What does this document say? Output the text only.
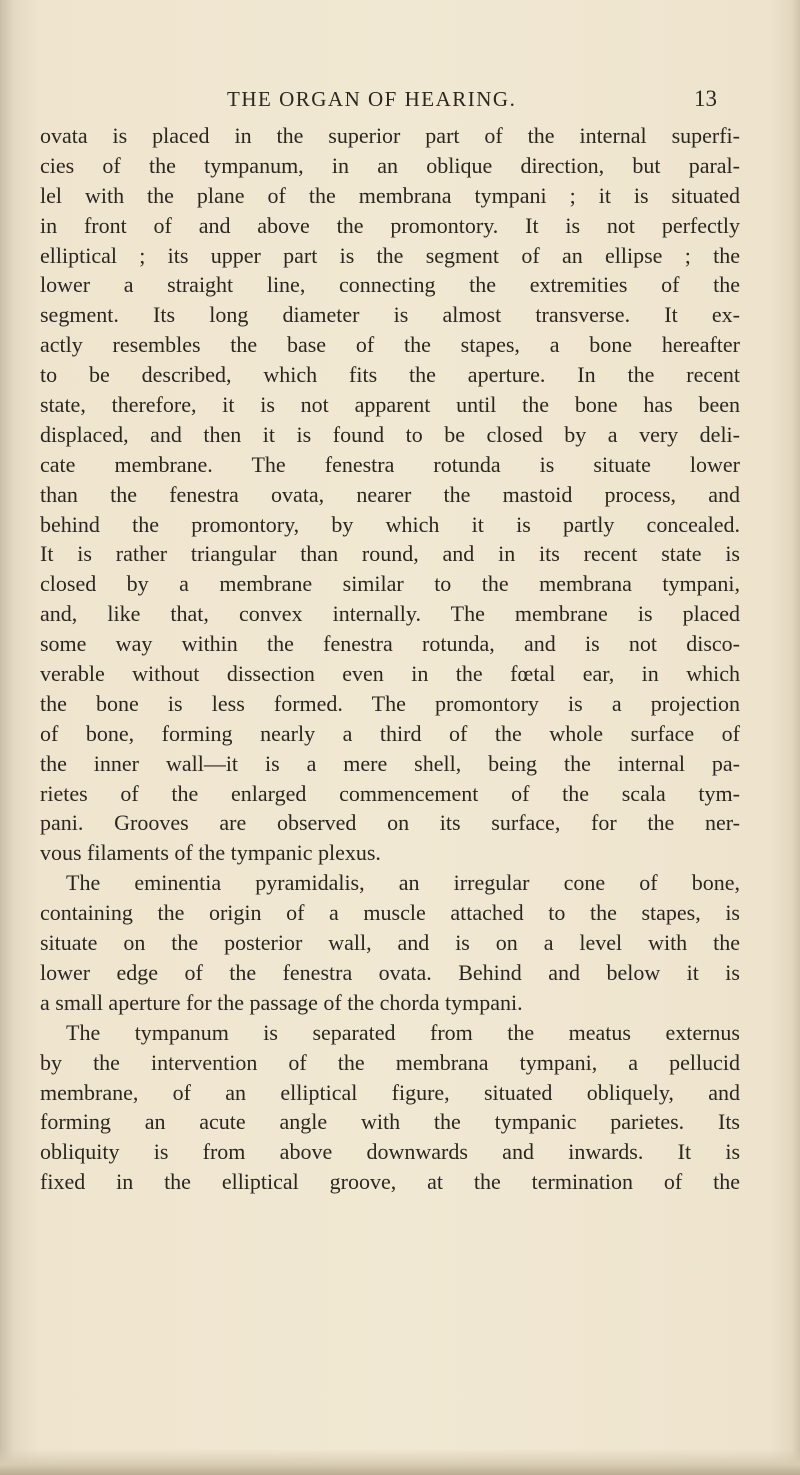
THE ORGAN OF HEARING.	13
ovata is placed in the superior part of the internal superfi-
cies of the tympanum, in an oblique direction, but paral-
lel with the plane of the membrana tympani ; it is situated
in front of and above the promontory. It is not perfectly
elliptical ; its upper part is the segment of an ellipse ; the
lower a straight line, connecting the extremities of the
segment. Its long diameter is almost transverse. It ex-
actly resembles the base of the stapes, a bone hereafter
to be described, which fits the aperture. In the recent
state, therefore, it is not apparent until the bone has been
displaced, and then it is found to be closed by a very deli-
cate membrane. The fenestra rotunda is situate lower
than the fenestra ovata, nearer the mastoid process, and
behind the promontory, by which it is partly concealed.
It is rather triangular than round, and in its recent state is
closed by a membrane similar to the membrana tympani,
and, like that, convex internally. The membrane is placed
some way within the fenestra rotunda, and is not disco-
verable without dissection even in the fœtal ear, in which
the bone is less formed. The promontory is a projection
of bone, forming nearly a third of the whole surface of
the inner wall—it is a mere shell, being the internal pa-
rietes of the enlarged commencement of the scala tym-
pani. Grooves are observed on its surface, for the ner-
vous filaments of the tympanic plexus.
The eminentia pyramidalis, an irregular cone of bone,
containing the origin of a muscle attached to the stapes, is
situate on the posterior wall, and is on a level with the
lower edge of the fenestra ovata. Behind and below it is
a small aperture for the passage of the chorda tympani.
The tympanum is separated from the meatus externus
by the intervention of the membrana tympani, a pellucid
membrane, of an elliptical figure, situated obliquely, and
forming an acute angle with the tympanic parietes. Its
obliquity is from above downwards and inwards. It is
fixed in the elliptical groove, at the termination of the
